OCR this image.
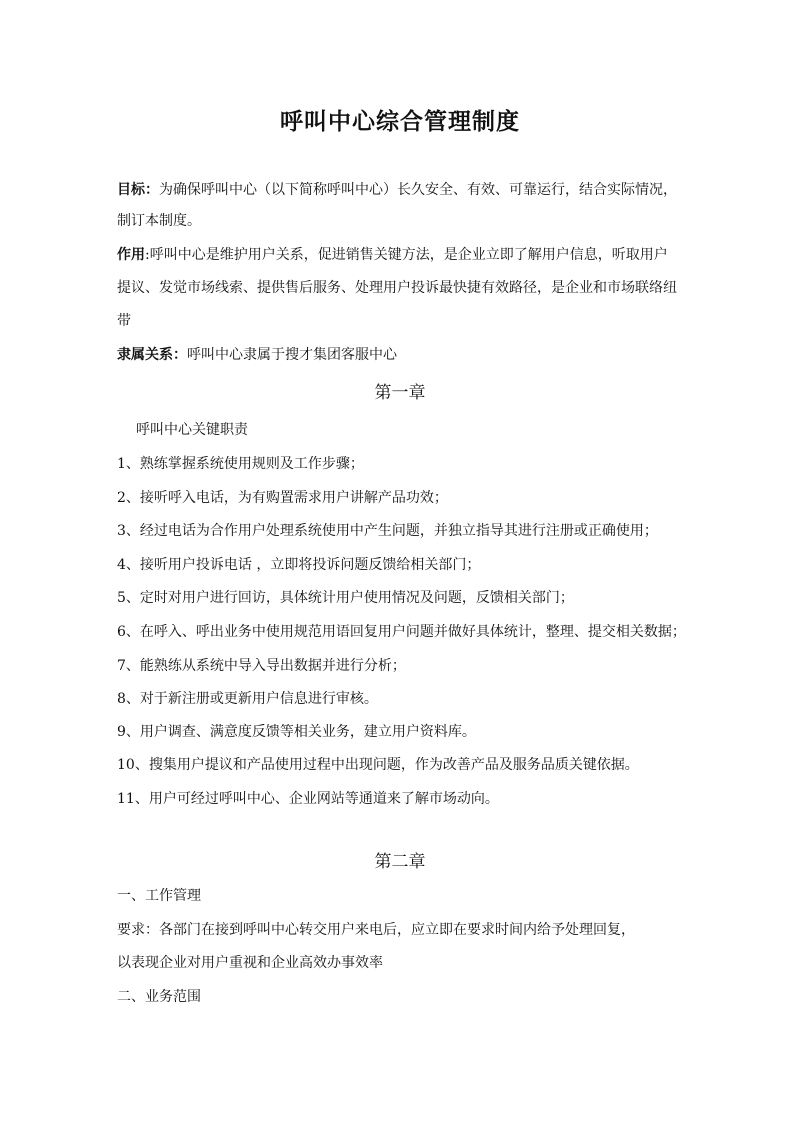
呼叫中心综合管理制度
目标：为确保呼叫中心（以下简称呼叫中心）长久安全、有效、可靠运行，结合实际情况，
制订本制度。
作用:呼叫中心是维护用户关系，促进销售关键方法，是企业立即了解用户信息，听取用户
提议、发觉市场线索、提供售后服务、处理用户投诉最快捷有效路径，是企业和市场联络纽
带
隶属关系：呼叫中心隶属于搜才集团客服中心
第一章
呼叫中心关键职责
1、熟练掌握系统使用规则及工作步骤；
2、接听呼入电话，为有购置需求用户讲解产品功效；
3、经过电话为合作用户处理系统使用中产生问题，并独立指导其进行注册或正确使用；
4、接听用户投诉电话 ，立即将投诉问题反馈给相关部门；
5、定时对用户进行回访，具体统计用户使用情况及问题，反馈相关部门；
6、在呼入、呼出业务中使用规范用语回复用户问题并做好具体统计，整理、提交相关数据；
7、能熟练从系统中导入导出数据并进行分析；
8、对于新注册或更新用户信息进行审核。
9、用户调查、满意度反馈等相关业务，建立用户资料库。
10、搜集用户提议和产品使用过程中出现问题，作为改善产品及服务品质关键依据。
11、用户可经过呼叫中心、企业网站等通道来了解市场动向。
第二章
一、工作管理
要求：各部门在接到呼叫中心转交用户来电后，应立即在要求时间内给予处理回复，
以表现企业对用户重视和企业高效办事效率
二、业务范围
